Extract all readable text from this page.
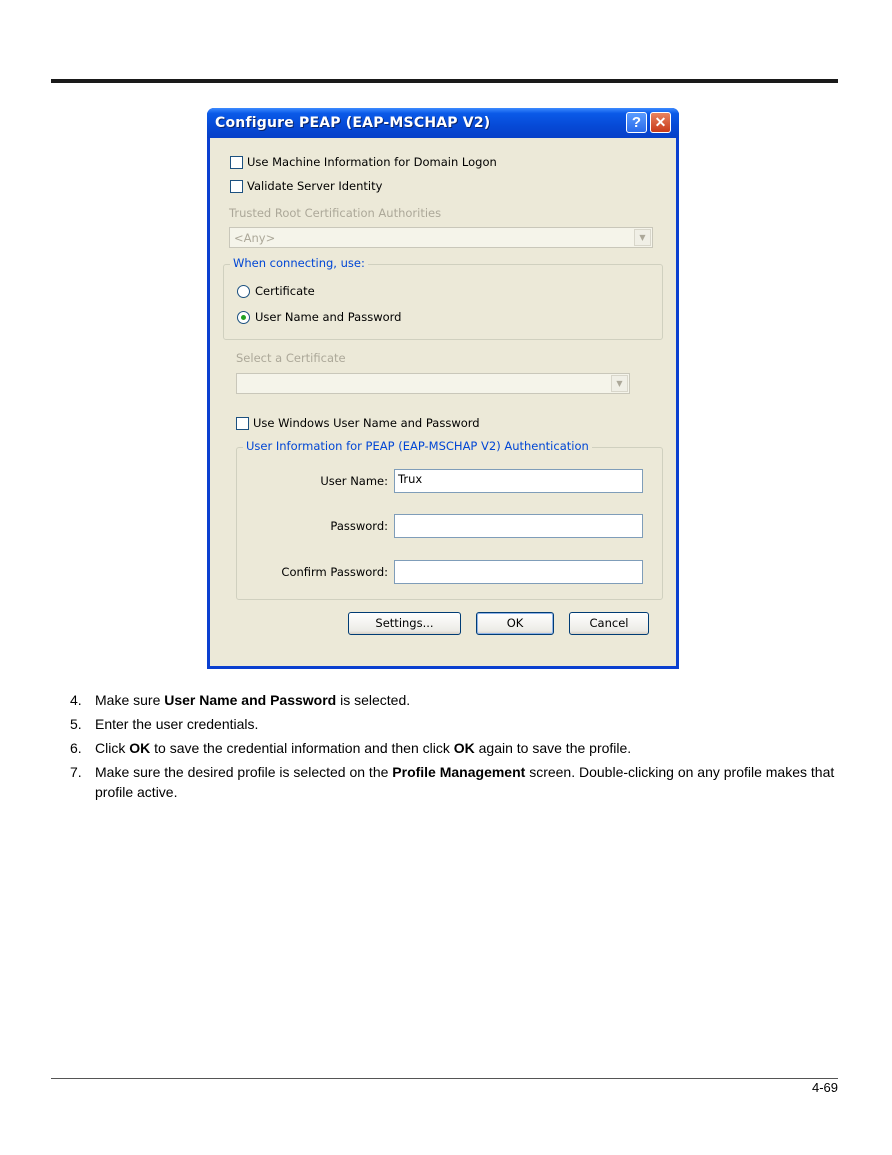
Configure PEAP (EAP-MSCHAP V2)	? ✕
Use Machine Information for Domain Logon
Validate Server Identity
Trusted Root Certification Authorities
<Any>	▼
When connecting, use:
Certificate
User Name and Password
Select a Certificate
▼
Use Windows User Name and Password
User Information for PEAP (EAP-MSCHAP V2) Authentication
User Name: Trux
Password:
Confirm Password:
Settings...	OK	Cancel
4. Make sure User Name and Password is selected.
5. Enter the user credentials.
6. Click OK to save the credential information and then click OK again to save the profile.
7. Make sure the desired profile is selected on the Profile Management screen. Double-clicking on any profile makes that profile active.
4-69
